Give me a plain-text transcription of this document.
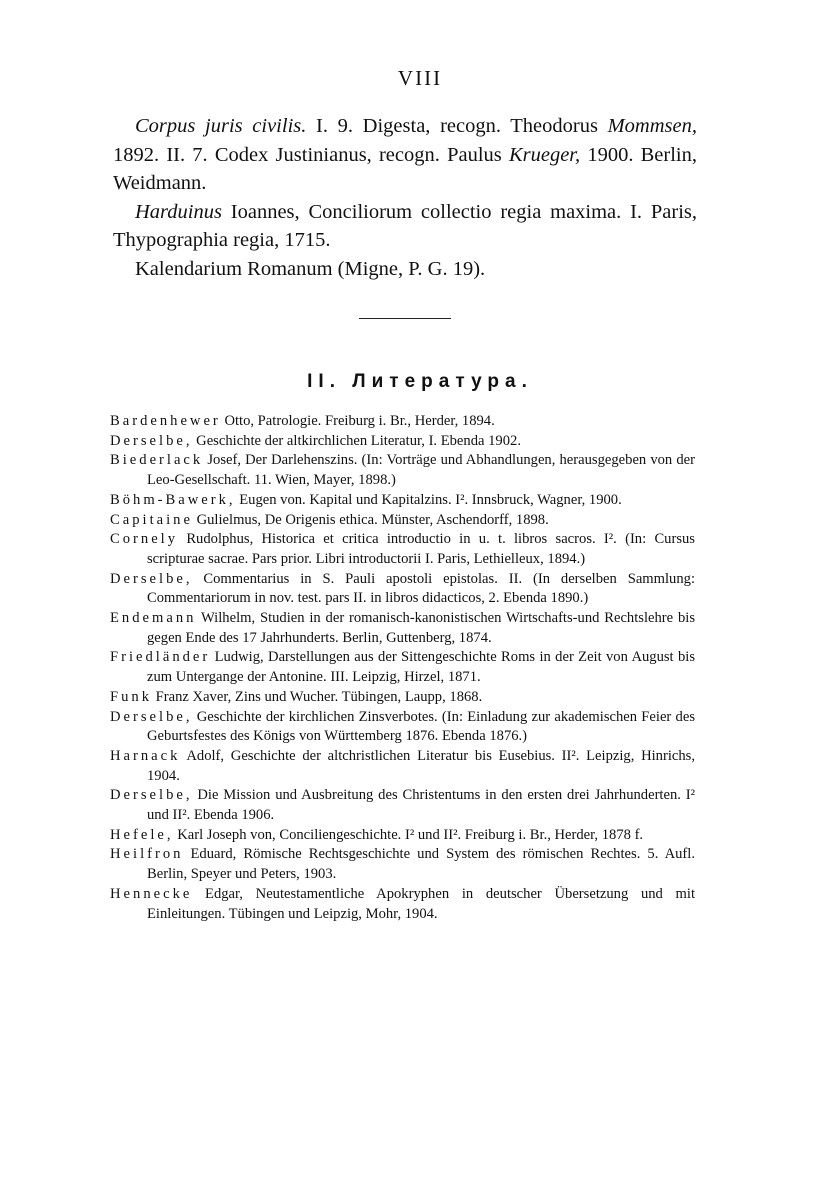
VIII

Corpus juris civilis. I. 9. Digesta, recogn. Theodorus Mommsen, 1892. II. 7. Codex Justinianus, recogn. Paulus Krueger, 1900. Berlin, Weidmann.

Harduinus Ioannes, Conciliorum collectio regia maxima. I. Paris, Thypographia regia, 1715.

Kalendarium Romanum (Migne, P. G. 19).

II. Литература.

Bardenhewer Otto, Patrologie. Freiburg i. Br., Herder, 1894.

Derselbe, Geschichte der altkirchlichen Literatur, I. Ebenda 1902.

Biederlack Josef, Der Darlehenszins. (In: Vorträge und Abhandlungen, herausgegeben von der Leo-Gesellschaft. 11. Wien, Mayer, 1898.)

Böhm-Bawerk, Eugen von. Kapital und Kapitalzins. I². Innsbruck, Wagner, 1900.

Capitaine Gulielmus, De Origenis ethica. Münster, Aschendorff, 1898.

Cornely Rudolphus, Historica et critica introductio in u. t. libros sacros. I². (In: Cursus scripturae sacrae. Pars prior. Libri introductorii I. Paris, Lethielleux, 1894.)

Derselbe, Commentarius in S. Pauli apostoli epistolas. II. (In derselben Sammlung: Commentariorum in nov. test. pars II. in libros didacticos, 2. Ebenda 1890.)

Endemann Wilhelm, Studien in der romanisch-kanonistischen Wirtschafts-und Rechtslehre bis gegen Ende des 17 Jahrhunderts. Berlin, Guttenberg, 1874.

Friedländer Ludwig, Darstellungen aus der Sittengeschichte Roms in der Zeit von August bis zum Untergange der Antonine. III. Leipzig, Hirzel, 1871.

Funk Franz Xaver, Zins und Wucher. Tübingen, Laupp, 1868.

Derselbe, Geschichte der kirchlichen Zinsverbotes. (In: Einladung zur akademischen Feier des Geburtsfestes des Königs von Württemberg 1876. Ebenda 1876.)

Harnack Adolf, Geschichte der altchristlichen Literatur bis Eusebius. II². Leipzig, Hinrichs, 1904.

Derselbe, Die Mission und Ausbreitung des Christentums in den ersten drei Jahrhunderten. I² und II². Ebenda 1906.

Hefele, Karl Joseph von, Conciliengeschichte. I² und II². Freiburg i. Br., Herder, 1878 f.

Heilfron Eduard, Römische Rechtsgeschichte und System des römischen Rechtes. 5. Aufl. Berlin, Speyer und Peters, 1903.

Hennecke Edgar, Neutestamentliche Apokryphen in deutscher Übersetzung und mit Einleitungen. Tübingen und Leipzig, Mohr, 1904.
